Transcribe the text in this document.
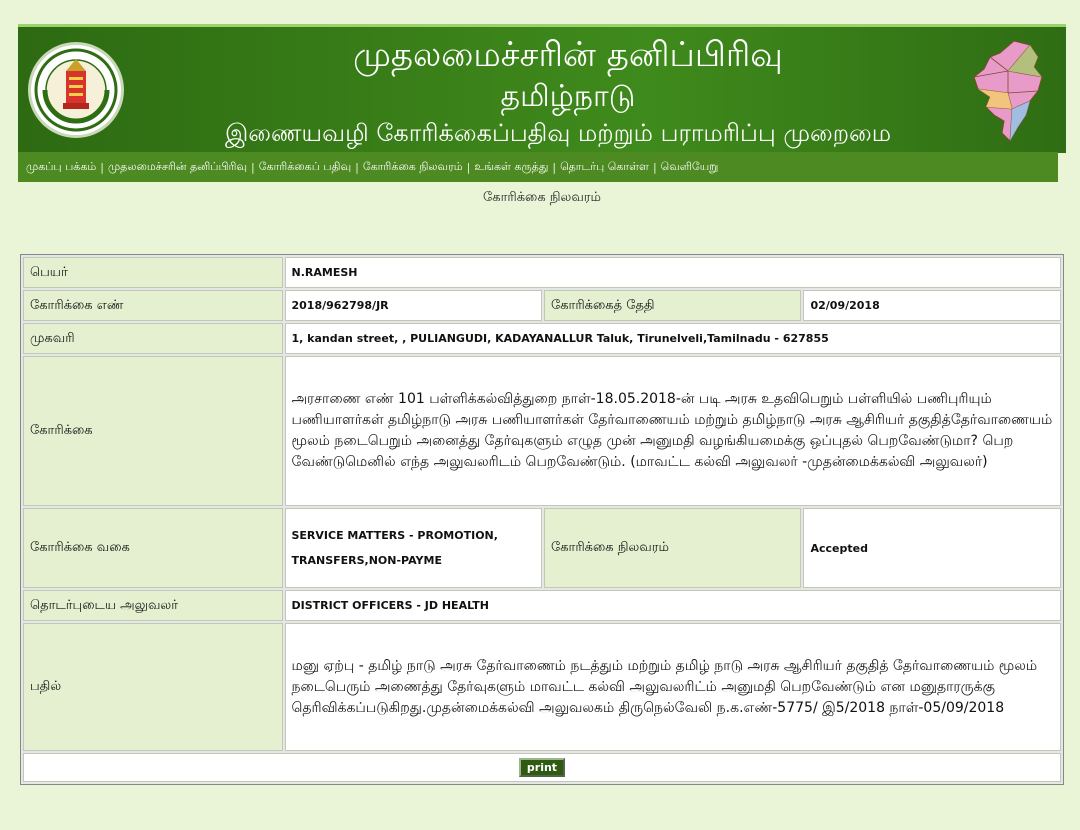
முதலமைச்சரின் தனிப்பிரிவு
தமிழ்நாடு
இணையவழி கோரிக்கைப்பதிவு மற்றும் பராமரிப்பு முறைமை
முகப்பு பக்கம் | முதலமைச்சரின் தனிப்பிரிவு | கோரிக்கைப் பதிவு | கோரிக்கை நிலவரம் | உங்கள் கருத்து | தொடர்பு கொள்ள | வெளியேறு
கோரிக்கை நிலவரம்
பெயர்	N.RAMESH		
கோரிக்கை எண்	2018/962798/JR	கோரிக்கைத் தேதி	02/09/2018
முகவரி	1, kandan street, , PULIANGUDI, KADAYANALLUR Taluk, Tirunelveli,Tamilnadu - 627855		
கோரிக்கை	அரசாணை எண் 101 பள்ளிக்கல்வித்துறை நாள்-18.05.2018-ன் படி அரசு உதவிபெறும் பள்ளியில் பணிபுரியும் பணியாளர்கள் தமிழ்நாடு அரசு பணியாளர்கள் தேர்வாணையம் மற்றும் தமிழ்நாடு அரசு ஆசிரியர் தகுதித்தேர்வாணையம் மூலம் நடைபெறும் அனைத்து தேர்வுகளும் எழுத முன் அனுமதி வழங்கியமைக்கு ஒப்புதல் பெறவேண்டுமா? பெற வேண்டுமெனில் எந்த அலுவலரிடம் பெறவேண்டும். (மாவட்ட கல்வி அலுவலர் -முதன்மைக்கல்வி அலுவலர்)		
கோரிக்கை வகை	SERVICE MATTERS - PROMOTION, TRANSFERS,NON-PAYME	கோரிக்கை நிலவரம்	Accepted
தொடர்புடைய அலுவலர்	DISTRICT OFFICERS - JD HEALTH		
பதில்	மனு ஏற்பு - தமிழ் நாடு அரசு தேர்வாணைம் நடத்தும் மற்றும் தமிழ் நாடு அரசு ஆசிரியர் தகுதித் தேர்வாணையம் மூலம் நடைபெரும் அணைத்து தேர்வுகளும் மாவட்ட கல்வி அலுவலரிட்ம் அனுமதி பெறவேண்டும் என மனுதாரருக்கு தெரிவிக்கப்படுகிறது.முதன்மைக்கல்வி அலுவலகம் திருநெல்வேலி ந.க.எண்-5775/ இ5/2018 நாள்-05/09/2018		
print			
